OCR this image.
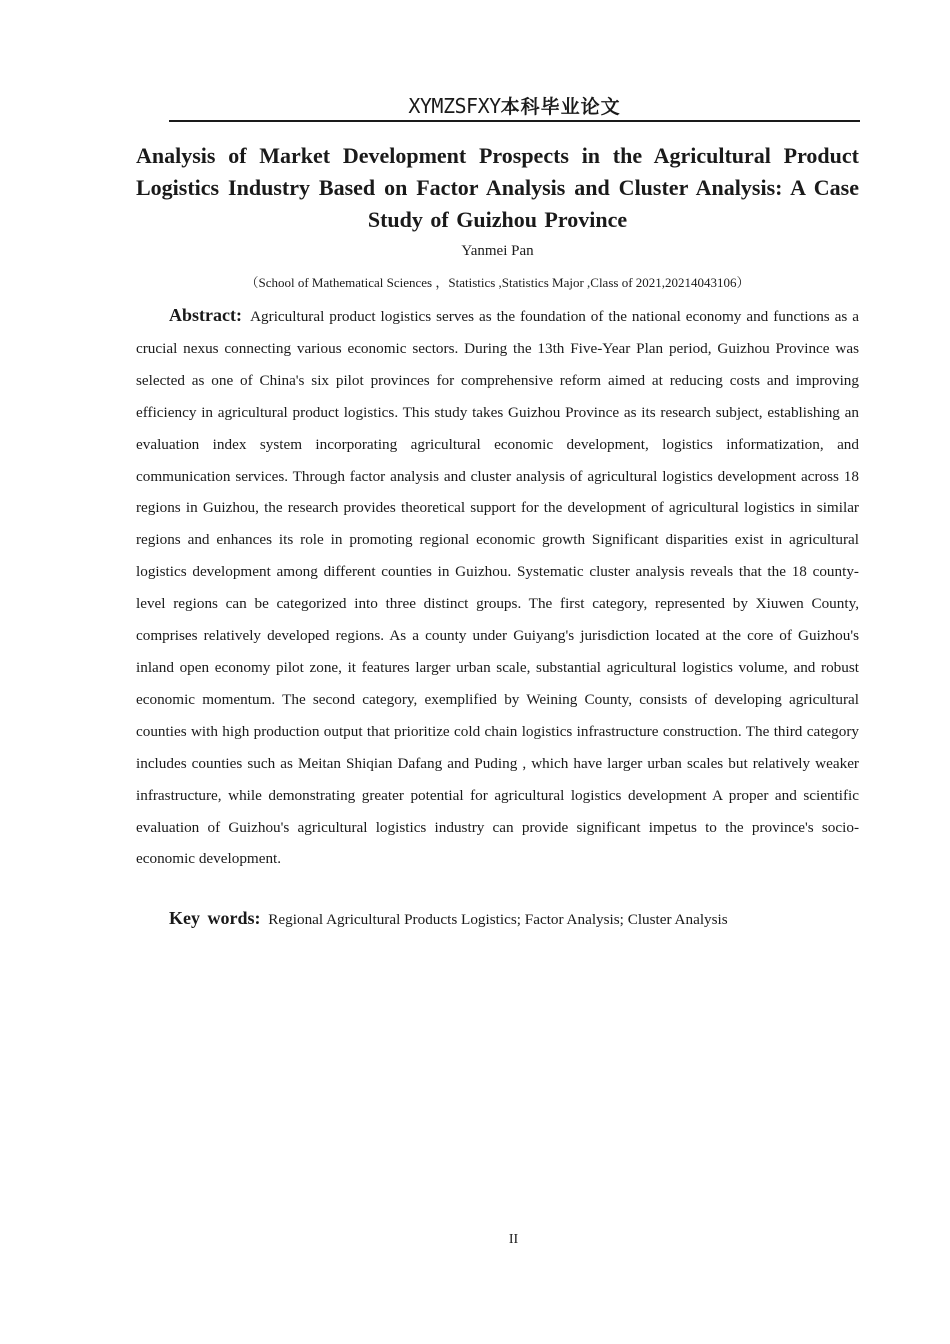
XYMZSFXY本科毕业论文
Analysis of Market Development Prospects in the Agricultural Product Logistics Industry Based on Factor Analysis and Cluster Analysis: A Case Study of Guizhou Province
Yanmei Pan
（School of Mathematical Sciences ，Statistics ,Statistics Major ,Class of 2021,20214043106）

Abstract: Agricultural product logistics serves as the foundation of the national economy and functions as a crucial nexus connecting various economic sectors. During the 13th Five-Year Plan period, Guizhou Province was selected as one of China's six pilot provinces for comprehensive reform aimed at reducing costs and improving efficiency in agricultural product logistics. This study takes Guizhou Province as its research subject, establishing an evaluation index system incorporating agricultural economic development, logistics informatization, and communication services. Through factor analysis and cluster analysis of agricultural logistics development across 18 regions in Guizhou, the research provides theoretical support for the development of agricultural logistics in similar regions and enhances its role in promoting regional economic growth Significant disparities exist in agricultural logistics development among different counties in Guizhou. Systematic cluster analysis reveals that the 18 county-level regions can be categorized into three distinct groups. The first category, represented by Xiuwen County, comprises relatively developed regions. As a county under Guiyang's jurisdiction located at the core of Guizhou's inland open economy pilot zone, it features larger urban scale, substantial agricultural logistics volume, and robust economic momentum. The second category, exemplified by Weining County, consists of developing agricultural counties with high production output that prioritize cold chain logistics infrastructure construction. The third category includes counties such as Meitan Shiqian Dafang and Puding , which have larger urban scales but relatively weaker infrastructure, while demonstrating greater potential for agricultural logistics development A proper and scientific evaluation of Guizhou's agricultural logistics industry can provide significant impetus to the province's socio-economic development.

Key words: Regional Agricultural Products Logistics; Factor Analysis; Cluster Analysis

II
